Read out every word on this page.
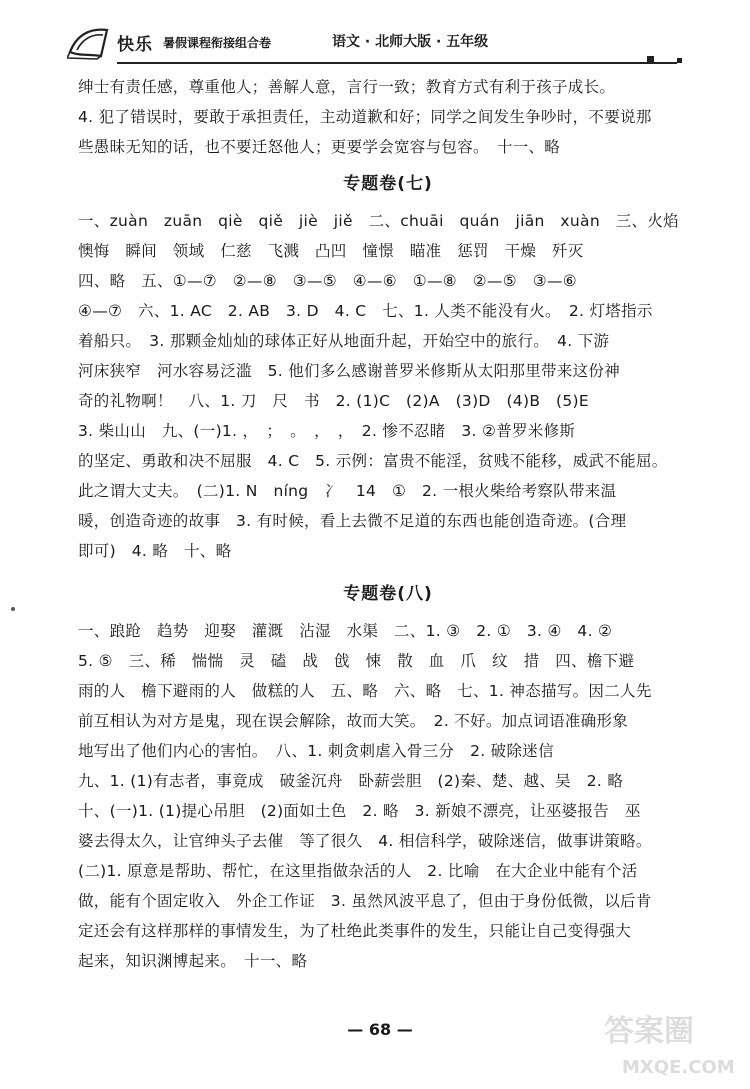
快乐 暑假课程衔接组合卷	语文 · 北师大版 · 五年级
绅士有责任感，尊重他人；善解人意，言行一致；教育方式有利于孩子成长。
4. 犯了错误时，要敢于承担责任，主动道歉和好；同学之间发生争吵时，不要说那
些愚昧无知的话，也不要迁怒他人；更要学会宽容与包容。　十一、略
专题卷(七)
一、zuàn　zuān　qiè　qiě　jiè　jiě　二、chuāi　quán　jiān　xuàn　三、火焰
懊悔　瞬间　领域　仁慈　飞溅　凸凹　憧憬　瞄准　惩罚　干燥　歼灭
四、略　五、①—⑦　②—⑧　③—⑤　④—⑥　①—⑧　②—⑤　③—⑥
④—⑦　六、1. AC　2. AB　3. D　4. C　七、1. 人类不能没有火。　2. 灯塔指示
着船只。　3. 那颗金灿灿的球体正好从地面升起，开始空中的旅行。　4. 下游
河床狭窄　河水容易泛滥　5. 他们多么感谢普罗米修斯从太阳那里带来这份神
奇的礼物啊！　八、1. 刀　尺　书　2. (1)C　(2)A　(3)D　(4)B　(5)E
3. 柴山山　九、(一)1. ，　；　。　，　，　2. 惨不忍睹　3. ②普罗米修斯
的坚定、勇敢和决不屈服　4. C　5. 示例：富贵不能淫，贫贱不能移，威武不能屈。
此之谓大丈夫。　(二)1. N　níng　冫　14　①　2. 一根火柴给考察队带来温
暖，创造奇迹的故事　3. 有时候，看上去微不足道的东西也能创造奇迹。(合理
即可)　4. 略　十、略
专题卷(八)
一、踉跄　趋势　迎娶　灌溉　沾湿　水渠　二、1. ③　2. ①　3. ④　4. ②
5. ⑤　三、稀　惴惴　灵　磕　战　戗　悚　散　血　爪　纹　措　四、檐下避
雨的人　檐下避雨的人　做糕的人　五、略　六、略　七、1. 神态描写。因二人先
前互相认为对方是鬼，现在误会解除，故而大笑。　2. 不好。加点词语准确形象
地写出了他们内心的害怕。　八、1. 刺贪刺虐入骨三分　2. 破除迷信
九、1. (1)有志者，事竟成　破釜沉舟　卧薪尝胆　(2)秦、楚、越、吴　2. 略
十、(一)1. (1)提心吊胆　(2)面如土色　2. 略　3. 新娘不漂亮，让巫婆报告　巫
婆去得太久，让官绅头子去催　等了很久　4. 相信科学，破除迷信，做事讲策略。
(二)1. 原意是帮助、帮忙，在这里指做杂活的人　2. 比喻　在大企业中能有个活
做，能有个固定收入　外企工作证　3. 虽然风波平息了，但由于身份低微，以后肯
定还会有这样那样的事情发生，为了杜绝此类事件的发生，只能让自己变得强大
起来，知识渊博起来。　十一、略
— 68 —	答案圈
MXQE.COM
